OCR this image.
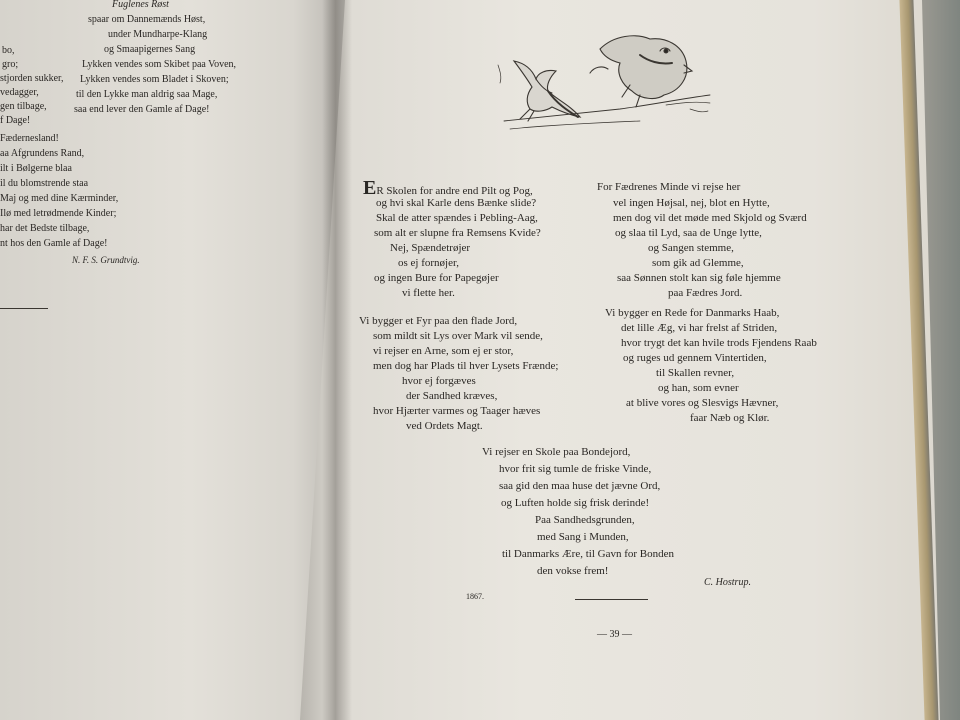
Fuglenes Røst
spaar om Dannemænds Høst,
under Mundharpe-Klang
og Smaapigernes Sang
Lykken vendes som Skibet paa Voven,
Lykken vendes som Bladet i Skoven;
til den Lykke man aldrig saa Mage,
saa end lever den Gamle af Dage!
bo,
gro;
stjorden sukker,
vedagger,
gen tilbage,
f Dage!
Fædernesland!
aa Afgrundens Rand,
ilt i Bølgerne blaa
il du blomstrende staa
Maj og med dine Kærminder,
Ilø med letrødmende Kinder;
har det Bedste tilbage,
nt hos den Gamle af Dage!
N. F. S. Grundtvig.
ER Skolen for andre end Pilt og Pog,
og hvi skal Karle dens Bænke slide?
Skal de atter spændes i Pebling-Aag,
som alt er slupne fra Remsens Kvide?
Nej, Spændetrøjer
os ej fornøjer,
og ingen Bure for Papegøjer
vi flette her.
For Fædrenes Minde vi rejse her
vel ingen Højsal, nej, blot en Hytte,
men dog vil det møde med Skjold og Sværd
og slaa til Lyd, saa de Unge lytte,
og Sangen stemme,
som gik ad Glemme,
saa Sønnen stolt kan sig føle hjemme
paa Fædres Jord.
Vi bygger et Fyr paa den flade Jord,
som mildt sit Lys over Mark vil sende,
vi rejser en Arne, som ej er stor,
men dog har Plads til hver Lysets Frænde;
hvor ej forgæves
der Sandhed kræves,
hvor Hjærter varmes og Taager hæves
ved Ordets Magt.
Vi bygger en Rede for Danmarks Haab,
det lille Æg, vi har frelst af Striden,
hvor trygt det kan hvile trods Fjendens Raab
og ruges ud gennem Vintertiden,
til Skallen revner,
og han, som evner
at blive vores og Slesvigs Hævner,
faar Næb og Klør.
Vi rejser en Skole paa Bondejord,
hvor frit sig tumle de friske Vinde,
saa gid den maa huse det jævne Ord,
og Luften holde sig frisk derinde!
Paa Sandhedsgrunden,
med Sang i Munden,
til Danmarks Ære, til Gavn for Bonden
den vokse frem!
1867.
C. Hostrup.
— 39 —
